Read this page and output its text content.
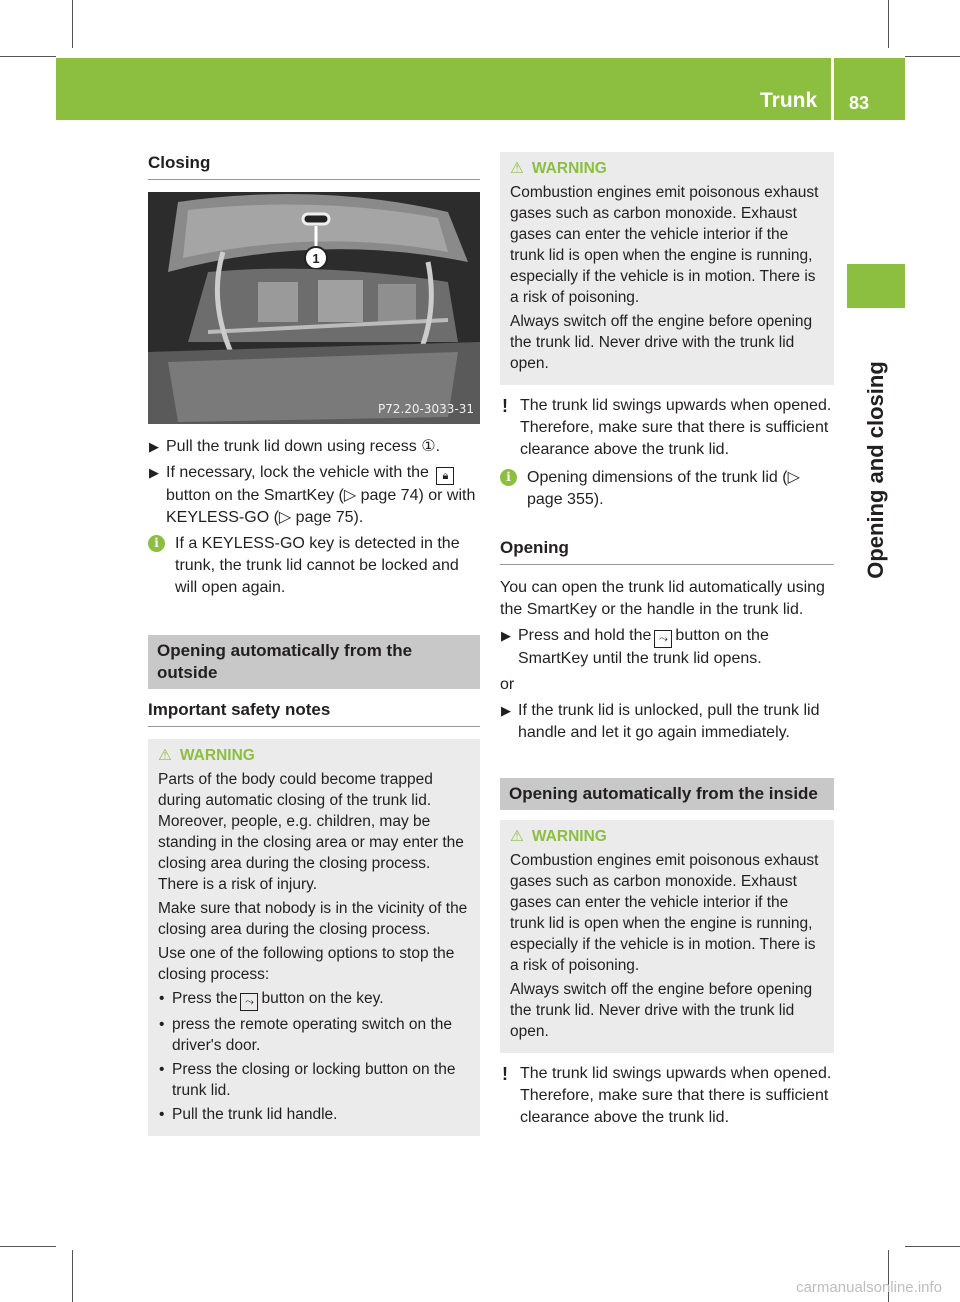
Trunk 83
Opening and closing
Closing
1
P72.20-3033-31
▶ Pull the trunk lid down using recess ①.
▶ If necessary, lock the vehicle with the 🔒︎ button on the SmartKey (▷ page 74) or with KEYLESS-GO (▷ page 75).
i	If a KEYLESS-GO key is detected in the trunk, the trunk lid cannot be locked and will open again.
Opening automatically from the outside
Important safety notes
⚠ WARNING

Parts of the body could become trapped during automatic closing of the trunk lid. Moreover, people, e.g. children, may be standing in the closing area or may enter the closing area during the closing process. There is a risk of injury.

Make sure that nobody is in the vicinity of the closing area during the closing process.

Use one of the following options to stop the closing process:

• Press the ⤳ button on the key.
• press the remote operating switch on the driver's door.
• Press the closing or locking button on the trunk lid.
• Pull the trunk lid handle.
⚠ WARNING

Combustion engines emit poisonous exhaust gases such as carbon monoxide. Exhaust gases can enter the vehicle interior if the trunk lid is open when the engine is running, especially if the vehicle is in motion. There is a risk of poisoning.

Always switch off the engine before opening the trunk lid. Never drive with the trunk lid open.

! The trunk lid swings upwards when opened. Therefore, make sure that there is sufficient clearance above the trunk lid.
i	Opening dimensions of the trunk lid (▷ page 355).
Opening
You can open the trunk lid automatically using the SmartKey or the handle in the trunk lid.
▶ Press and hold the ⤳ button on the SmartKey until the trunk lid opens.
or
▶ If the trunk lid is unlocked, pull the trunk lid handle and let it go again immediately.
Opening automatically from the inside
⚠ WARNING

Combustion engines emit poisonous exhaust gases such as carbon monoxide. Exhaust gases can enter the vehicle interior if the trunk lid is open when the engine is running, especially if the vehicle is in motion. There is a risk of poisoning.

Always switch off the engine before opening the trunk lid. Never drive with the trunk lid open.

! The trunk lid swings upwards when opened. Therefore, make sure that there is sufficient clearance above the trunk lid.
carmanualsonline.info
